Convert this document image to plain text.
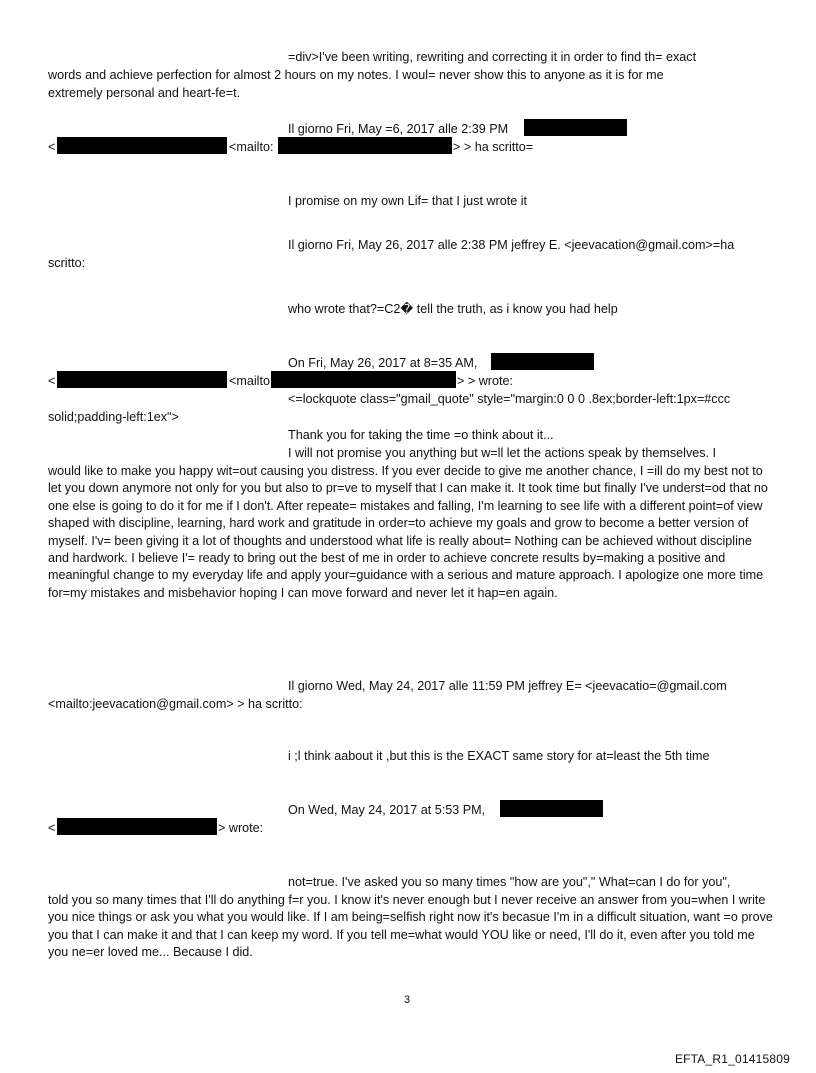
=div>I've been writing, rewriting and correcting it in order to find th= exact
words and achieve perfection for almost 2 hours on my notes. I woul= never show this to anyone as it is for me
extremely personal and heart-fe=t.
Il giorno Fri, May =6, 2017 alle 2:39 PM
<	<mailto:	> > ha scritto=
I promise on my own Lif= that I just wrote it
Il giorno Fri, May 26, 2017 alle 2:38 PM jeffrey E. <jeevacation@gmail.com>=ha
scritto:
who wrote that?=C2� tell the truth, as i know you had help
On Fri, May 26, 2017 at 8=35 AM,
<	<mailto	> > wrote:
<=lockquote class="gmail_quote" style="margin:0 0 0 .8ex;border-left:1px=#ccc
solid;padding-left:1ex">
Thank you for taking the time =o think about it...
I will not promise you anything but w=ll let the actions speak by themselves. I
would like to make you happy wit=out causing you distress. If you ever decide to give me another chance, I =ill do my best not to let you down anymore not only for you but also to pr=ve to myself that I can make it. It took time but finally I've underst=od that no one else is going to do it for me if I don't. After repeate= mistakes and falling, I'm learning to see life with a different point=of view shaped with discipline, learning, hard work and gratitude in order=to achieve my goals and grow to become a better version of myself. I'v= been giving it a lot of thoughts and understood what life is really about= Nothing can be achieved without discipline and hardwork. I believe I'= ready to bring out the best of me in order to achieve concrete results by=making a positive and meaningful change to my everyday life and apply your=guidance with a serious and mature approach. I apologize one more time for=my mistakes and misbehavior hoping I can move forward and never let it hap=en again.
Il giorno Wed, May 24, 2017 alle 11:59 PM jeffrey E= <jeevacatio=@gmail.com
<mailto:jeevacation@gmail.com> > ha scritto:
i ;l think aabout it ,but this is the EXACT same story for at=least the 5th time
On Wed, May 24, 2017 at 5:53 PM,
<	> wrote:
not=true. I've asked you so many times "how are you"," What=can I do for you",
told you so many times that I'll do anything f=r you. I know it's never enough but I never receive an answer from you=when I write you nice things or ask you what you would like. If I am being=selfish right now it's becasue I'm in a difficult situation, want =o prove you that I can make it and that I can keep my word. If you tell me=what would YOU like or need, I'll do it, even after you told me you ne=er loved me... Because I did.
3
EFTA_R1_01415809
